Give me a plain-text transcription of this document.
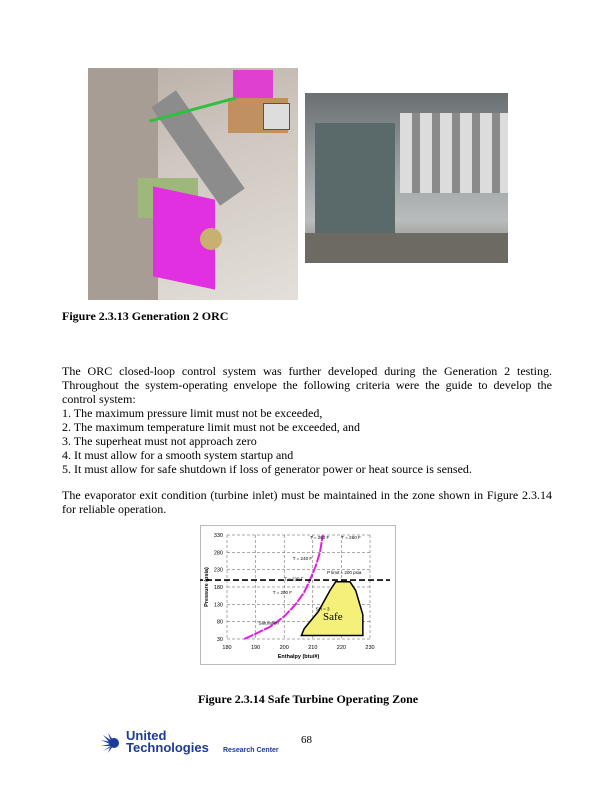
Figure 2.3.13 Generation 2 ORC
The ORC closed-loop control system was further developed during the Generation 2 testing. Throughout the system-operating envelope the following criteria were the guide to develop the control system:
1. The maximum pressure limit must not be exceeded,
2. The maximum temperature limit must not be exceeded, and
3. The superheat must not approach zero
4. It must allow for a smooth system startup and
5. It must allow for safe shutdown if loss of generator power or heat source is sensed.
The evaporator exit condition (turbine inlet) must be maintained in the zone shown in Figure 2.3.14 for reliable operation.
180	190	200	210	220	230
330
280
230
180
130
80
30
Enthalpy (btu/#)
Pressure (psia)
Safe
P limit = 200 psia
T = 260 F	T = 260 F
T = 240 F
T = 220 F
T = 200 F
SH = 3
Saturation
Figure 2.3.14 Safe Turbine Operating Zone
United
Technologies	Research Center
68
